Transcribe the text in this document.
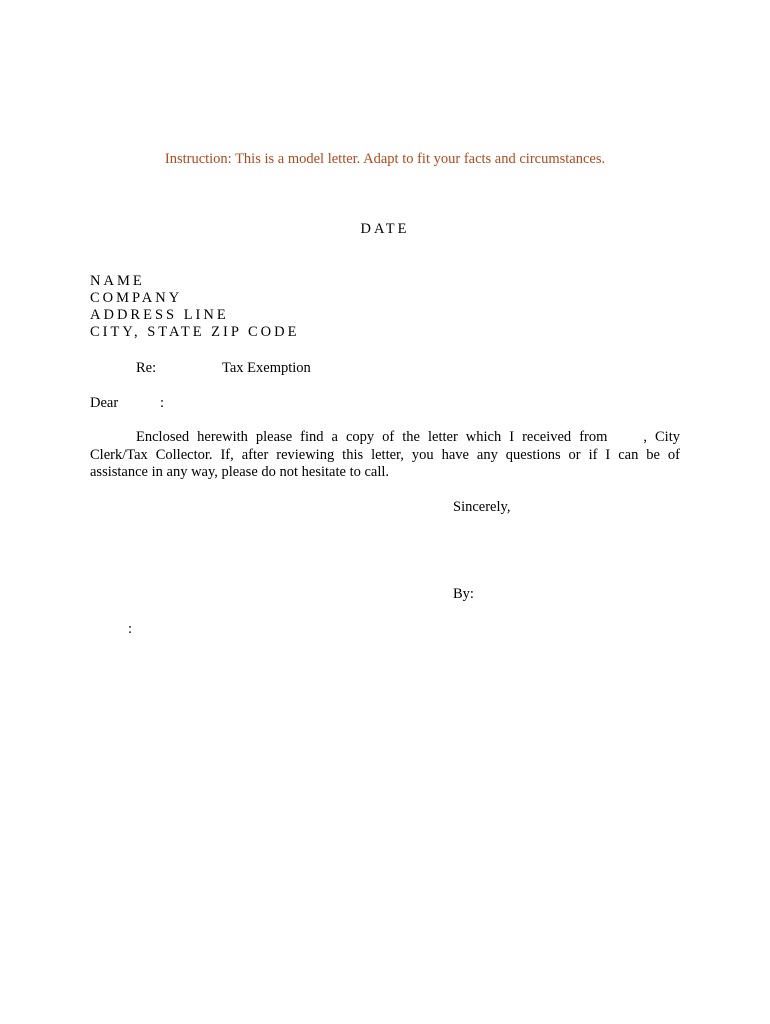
Instruction: This is a model letter. Adapt to fit your facts and circumstances.
DATE
NAME
COMPANY
ADDRESS LINE
CITY, STATE ZIP CODE
Re:	Tax Exemption
Dear	:
Enclosed herewith please find a copy of the letter which I received from , City
Clerk/Tax Collector. If, after reviewing this letter, you have any questions or if I can be of
assistance in any way, please do not hesitate to call.
Sincerely,
By:
:
